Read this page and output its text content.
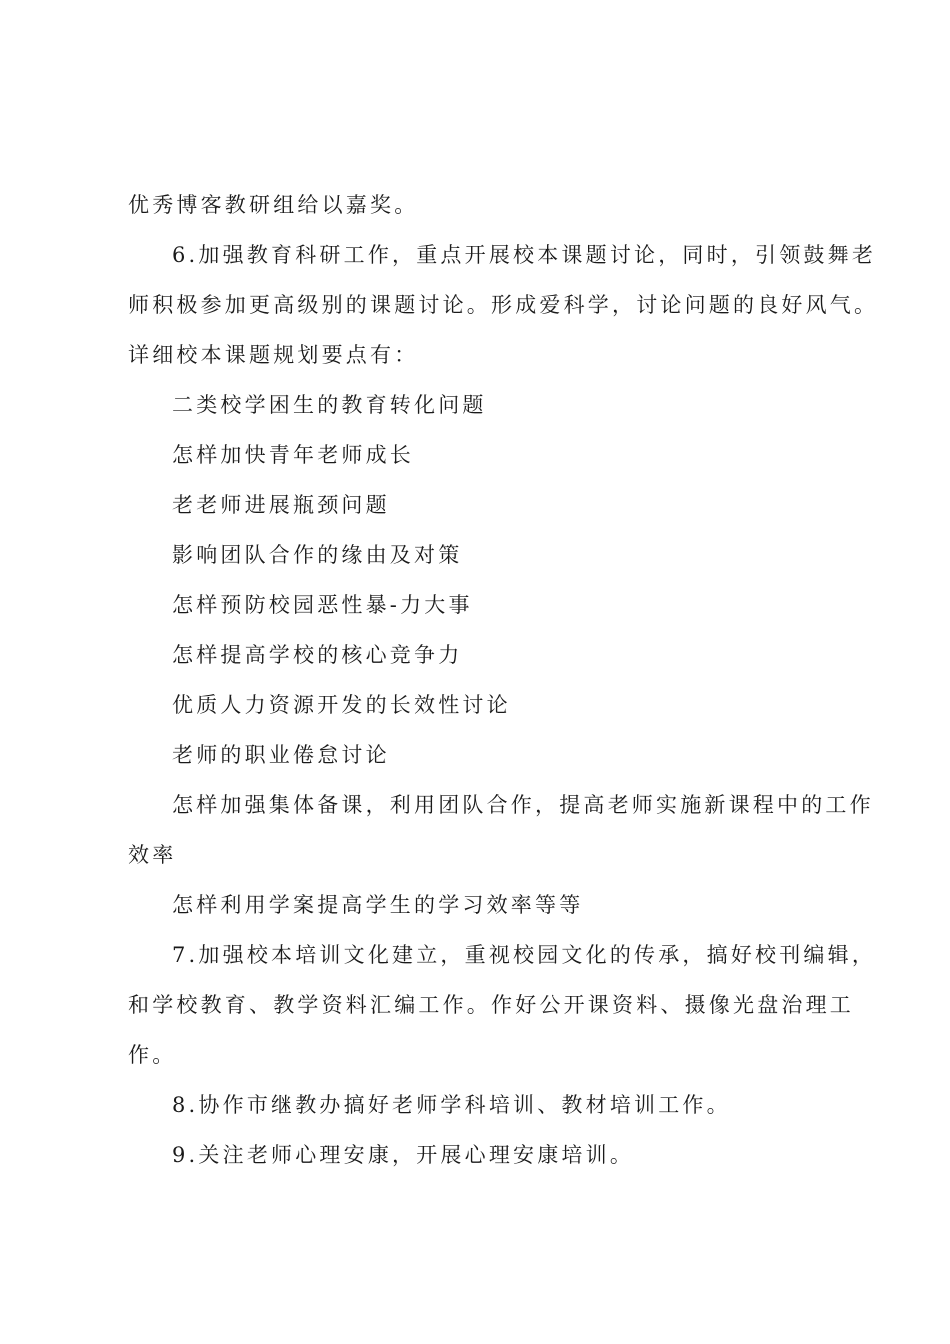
优秀博客教研组给以嘉奖。
6.加强教育科研工作，重点开展校本课题讨论，同时，引领鼓舞老
师积极参加更高级别的课题讨论。形成爱科学，讨论问题的良好风气。
详细校本课题规划要点有：
二类校学困生的教育转化问题
怎样加快青年老师成长
老老师进展瓶颈问题
影响团队合作的缘由及对策
怎样预防校园恶性暴-力大事
怎样提高学校的核心竞争力
优质人力资源开发的长效性讨论
老师的职业倦怠讨论
怎样加强集体备课，利用团队合作，提高老师实施新课程中的工作
效率
怎样利用学案提高学生的学习效率等等
7.加强校本培训文化建立，重视校园文化的传承，搞好校刊编辑，
和学校教育、教学资料汇编工作。作好公开课资料、摄像光盘治理工
作。
8.协作市继教办搞好老师学科培训、教材培训工作。
9.关注老师心理安康，开展心理安康培训。
